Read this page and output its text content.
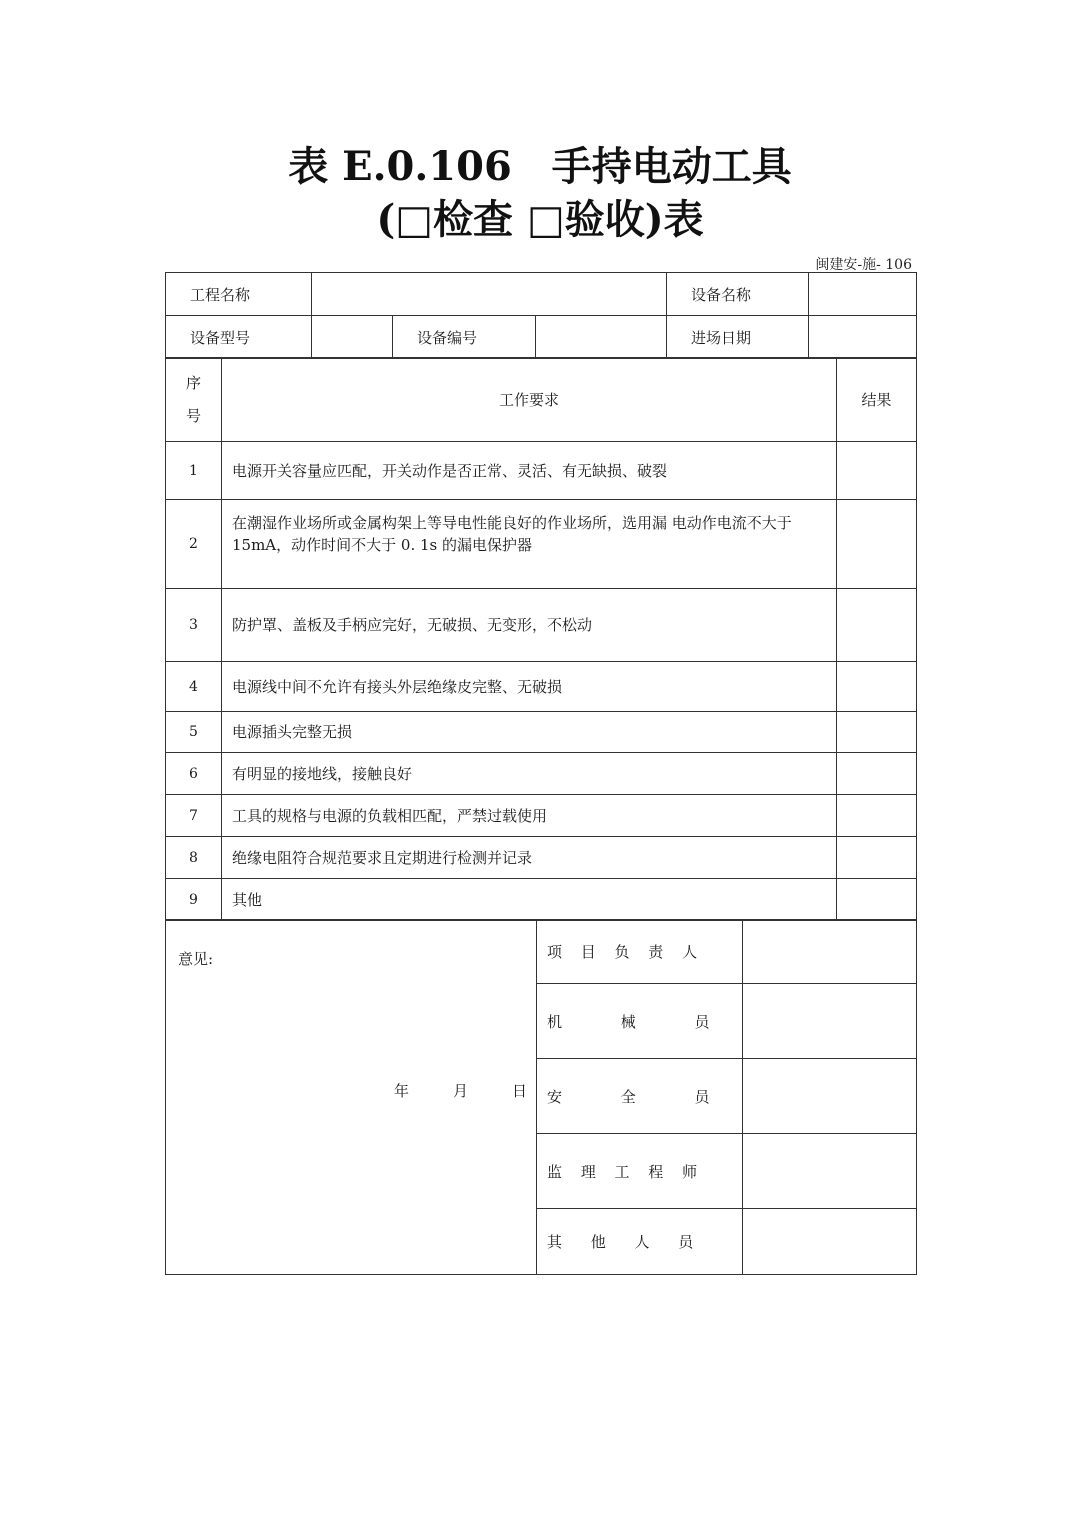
表 E.0.106　手持电动工具
(□检查 □验收)表
闽建安-施- 106
工程名称				设备名称	
设备型号		设备编号		进场日期	
序
号	工作要求	结果
1	电源开关容量应匹配，开关动作是否正常、灵活、有无缺损、破裂	
2	在潮湿作业场所或金属构架上等导电性能良好的作业场所，选用漏 电动作电流不大于 15mA，动作时间不大于 0. 1s 的漏电保护器	
3	防护罩、盖板及手柄应完好，无破损、无变形，不松动	
4	电源线中间不允许有接头外层绝缘皮完整、无破损	
5	电源插头完整无损	
6	有明显的接地线，接触良好	
7	工具的规格与电源的负载相匹配，严禁过载使用	
8	绝缘电阻符合规范要求且定期进行检测并记录	
9	其他	
意见:
年 月 日	项 目 负 责 人	
	机 械 员	
	安 全 员	
	监 理 工 程 师	
	其 他 人 员	
